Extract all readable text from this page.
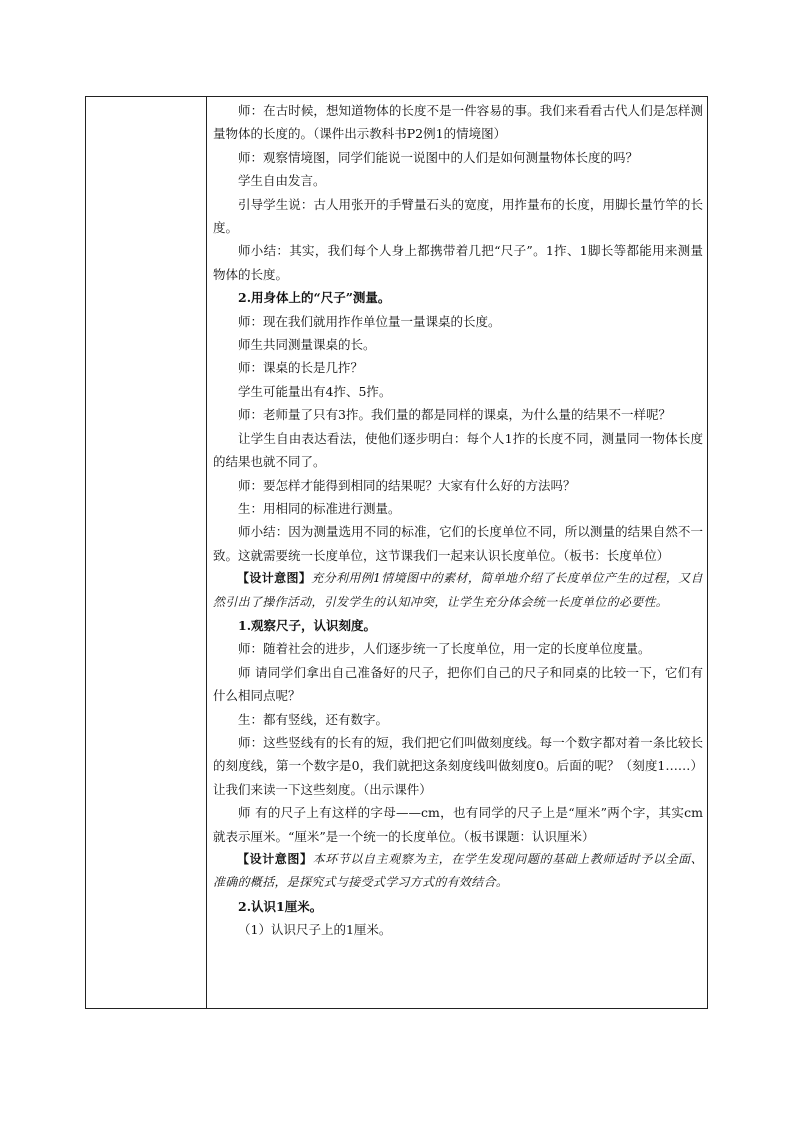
师：在古时候，想知道物体的长度不是一件容易的事。我们来看看古代人们是怎样测量物体的长度的。（课件出示教科书P2例1的情境图）

师：观察情境图，同学们能说一说图中的人们是如何测量物体长度的吗？

学生自由发言。

引导学生说：古人用张开的手臂量石头的宽度，用拃量布的长度，用脚长量竹竿的长度。

师小结：其实，我们每个人身上都携带着几把“尺子”。1拃、1脚长等都能用来测量物体的长度。

2.用身体上的“尺子”测量。

师：现在我们就用拃作单位量一量课桌的长度。

师生共同测量课桌的长。

师：课桌的长是几拃？

学生可能量出有4拃、5拃。

师：老师量了只有3拃。我们量的都是同样的课桌，为什么量的结果不一样呢？

让学生自由表达看法，使他们逐步明白：每个人1拃的长度不同，测量同一物体长度的结果也就不同了。

师：要怎样才能得到相同的结果呢？大家有什么好的方法吗？

生：用相同的标准进行测量。

师小结：因为测量选用不同的标准，它们的长度单位不同，所以测量的结果自然不一致。这就需要统一长度单位，这节课我们一起来认识长度单位。（板书：长度单位）

【设计意图】充分利用例1情境图中的素材，简单地介绍了长度单位产生的过程，又自然引出了操作活动，引发学生的认知冲突，让学生充分体会统一长度单位的必要性。

1.观察尺子，认识刻度。

师：随着社会的进步，人们逐步统一了长度单位，用一定的长度单位度量。

师 请同学们拿出自己准备好的尺子，把你们自己的尺子和同桌的比较一下，它们有什么相同点呢？

生：都有竖线，还有数字。

师：这些竖线有的长有的短，我们把它们叫做刻度线。每一个数字都对着一条比较长的刻度线，第一个数字是0，我们就把这条刻度线叫做刻度0。后面的呢？（刻度1……）让我们来读一下这些刻度。（出示课件）

师 有的尺子上有这样的字母——cm，也有同学的尺子上是“厘米”两个字，其实cm就表示厘米。“厘米”是一个统一的长度单位。（板书课题：认识厘米）

【设计意图】本环节以自主观察为主，在学生发现问题的基础上教师适时予以全面、准确的概括，是探究式与接受式学习方式的有效结合。

2.认识1厘米。

（1）认识尺子上的1厘米。
